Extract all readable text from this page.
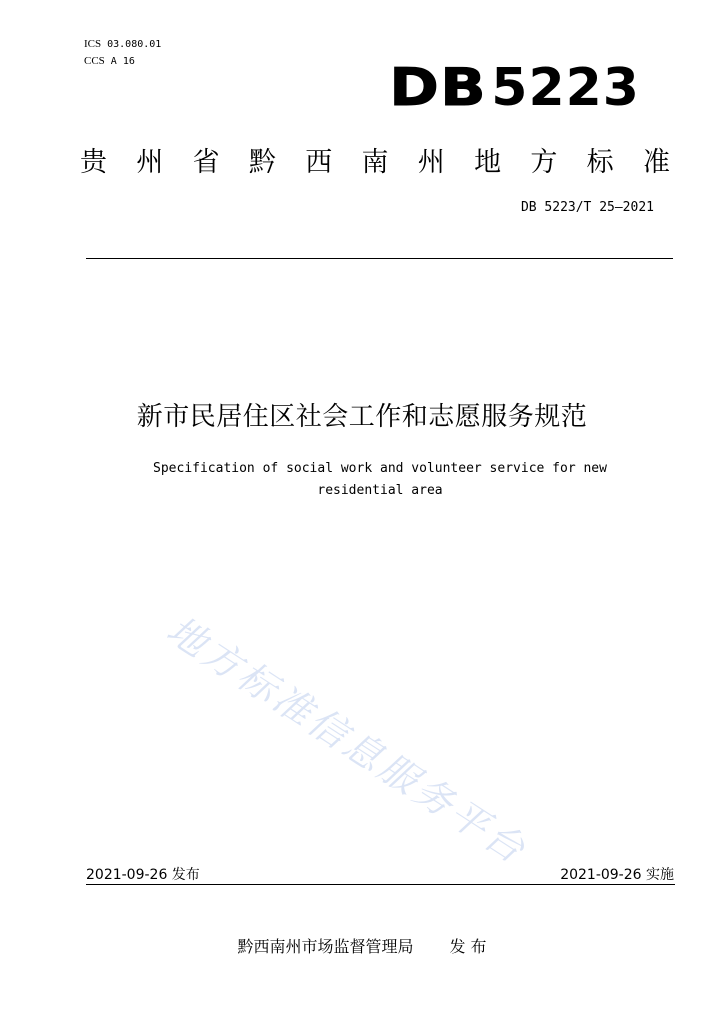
ICS 03.080.01
CCS A 16	DB5223
贵 州 省 黔 西 南 州 地 方 标 准
DB 5223/T 25—2021
新市民居住区社会工作和志愿服务规范
Specification of social work and volunteer service for new residential area
地方标准信息服务平台
2021-09-26 发布	2021-09-26 实施
黔西南州市场监督管理局 发 布
